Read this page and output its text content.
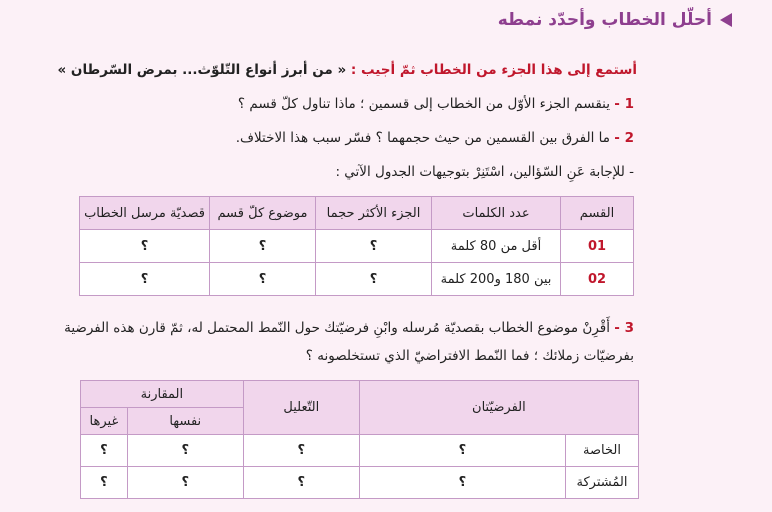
أحلّل الخطاب وأحدّد نمطه
أستمع إلى هذا الجزء من الخطاب ثمّ أجيب : « من أبرز أنواع التّلوّث... بمرض السّرطان »
1 - ينقسم الجزء الأوّل من الخطاب إلى قسمين ؛ ماذا تناول كلّ قسم ؟
2 - ما الفرق بين القسمين من حيث حجمهما ؟ فسّر سبب هذا الاختلاف.
- للإجابة عَنِ السّؤالين، اسْتَنِرْ بتوجيهات الجدول الآتي :
القسم	عدد الكلمات	الجزء الأكثر حجما	موضوع كلّ قسم	قصديّة مرسل الخطاب
01	أقل من 80 كلمة	؟	؟	؟
02	بين 180 و200 كلمة	؟	؟	؟
3 - أَقْرِنْ موضوع الخطاب بقصديّة مُرسله وابْنِ فرضيّتك حول النّمط المحتمل له، ثمّ قارن هذه الفرضية
بفرضيّات زملائك ؛ فما النّمط الافتراضيّ الذي تستخلصونه ؟
الفرضيّتان		التّعليل	المقارنة	
			نفسها	غيرها
الخاصة	؟	؟	؟	؟
المُشتركة	؟	؟	؟	؟
